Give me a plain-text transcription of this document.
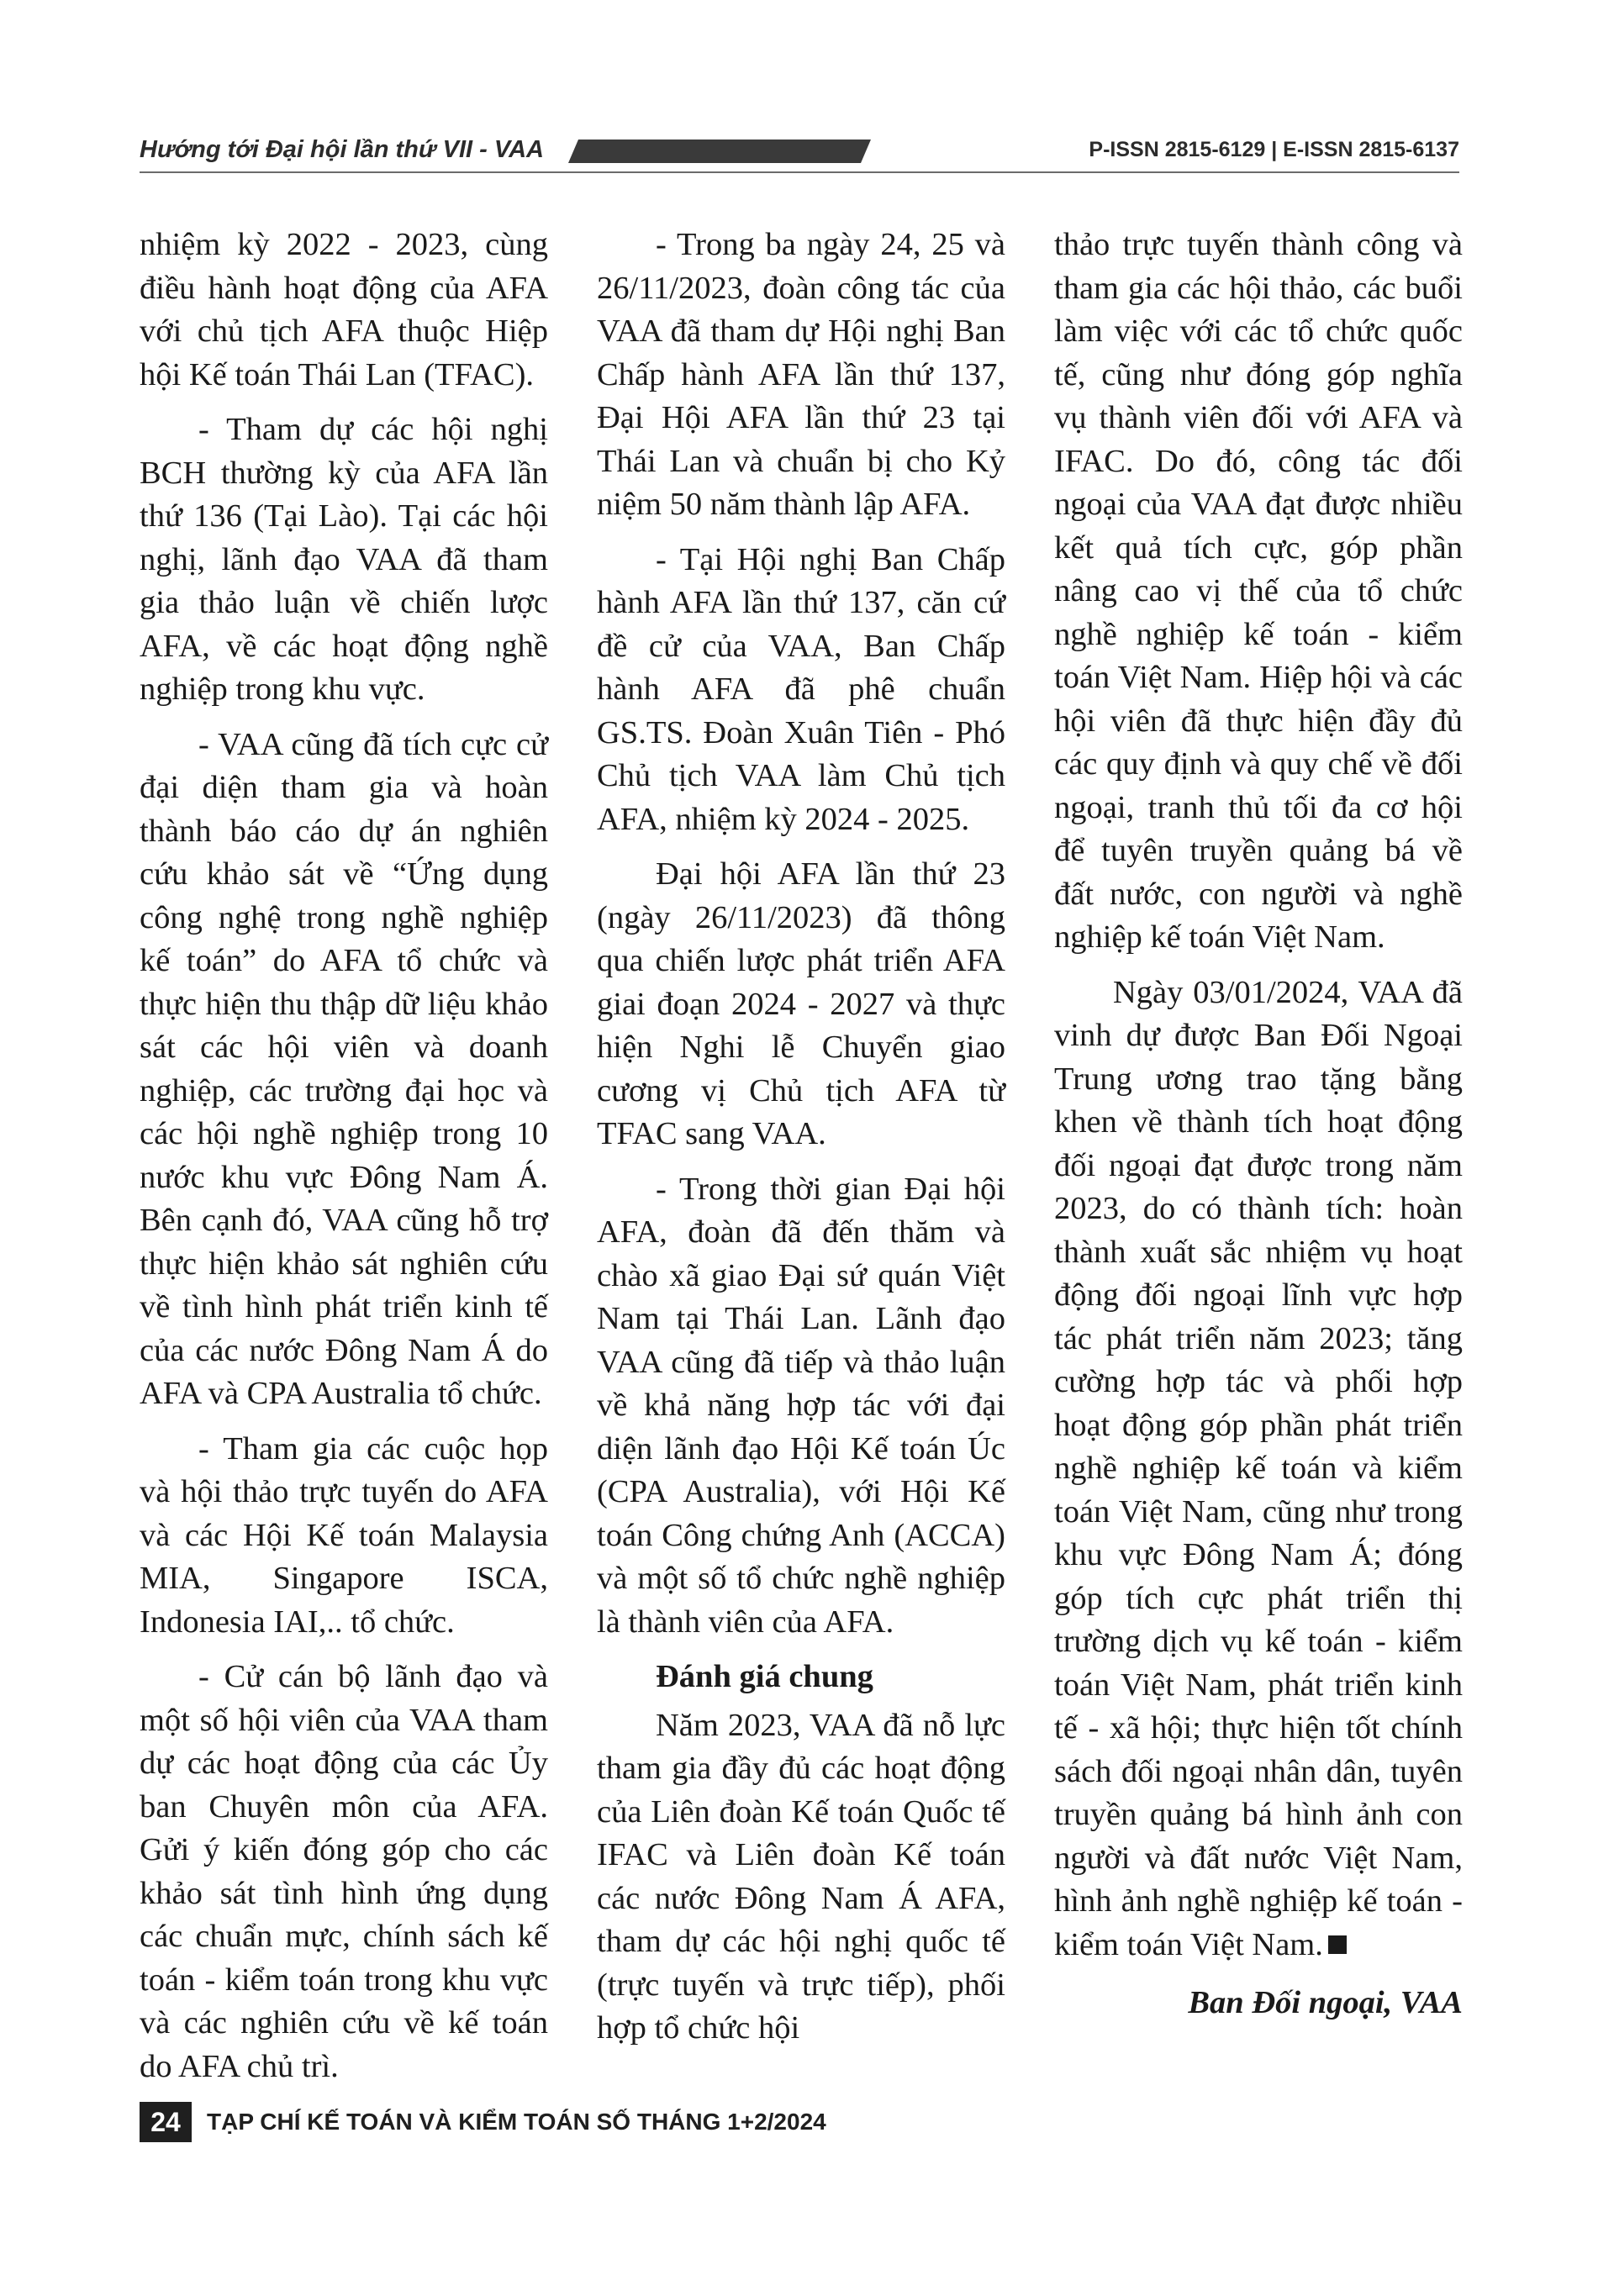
Hướng tới Đại hội lần thứ VII - VAA	P-ISSN 2815-6129 | E-ISSN 2815-6137

nhiệm kỳ 2022 - 2023, cùng điều hành hoạt động của AFA với chủ tịch AFA thuộc Hiệp hội Kế toán Thái Lan (TFAC).

- Tham dự các hội nghị BCH thường kỳ của AFA lần thứ 136 (Tại Lào). Tại các hội nghị, lãnh đạo VAA đã tham gia thảo luận về chiến lược AFA, về các hoạt động nghề nghiệp trong khu vực.

- VAA cũng đã tích cực cử đại diện tham gia và hoàn thành báo cáo dự án nghiên cứu khảo sát về “Ứng dụng công nghệ trong nghề nghiệp kế toán” do AFA tổ chức và thực hiện thu thập dữ liệu khảo sát các hội viên và doanh nghiệp, các trường đại học và các hội nghề nghiệp trong 10 nước khu vực Đông Nam Á. Bên cạnh đó, VAA cũng hỗ trợ thực hiện khảo sát nghiên cứu về tình hình phát triển kinh tế của các nước Đông Nam Á do AFA và CPA Australia tổ chức.

- Tham gia các cuộc họp và hội thảo trực tuyến do AFA và các Hội Kế toán Malaysia MIA, Singapore ISCA, Indonesia IAI,.. tổ chức.

- Cử cán bộ lãnh đạo và một số hội viên của VAA tham dự các hoạt động của các Ủy ban Chuyên môn của AFA. Gửi ý kiến đóng góp cho các khảo sát tình hình ứng dụng các chuẩn mực, chính sách kế toán - kiểm toán trong khu vực và các nghiên cứu về kế toán do AFA chủ trì.

- Trong ba ngày 24, 25 và 26/11/2023, đoàn công tác của VAA đã tham dự Hội nghị Ban Chấp hành AFA lần thứ 137, Đại Hội AFA lần thứ 23 tại Thái Lan và chuẩn bị cho Kỷ niệm 50 năm thành lập AFA.

- Tại Hội nghị Ban Chấp hành AFA lần thứ 137, căn cứ đề cử của VAA, Ban Chấp hành AFA đã phê chuẩn GS.TS. Đoàn Xuân Tiên - Phó Chủ tịch VAA làm Chủ tịch AFA, nhiệm kỳ 2024 - 2025.

Đại hội AFA lần thứ 23 (ngày 26/11/2023) đã thông qua chiến lược phát triển AFA giai đoạn 2024 - 2027 và thực hiện Nghi lễ Chuyển giao cương vị Chủ tịch AFA từ TFAC sang VAA.

- Trong thời gian Đại hội AFA, đoàn đã đến thăm và chào xã giao Đại sứ quán Việt Nam tại Thái Lan. Lãnh đạo VAA cũng đã tiếp và thảo luận về khả năng hợp tác với đại diện lãnh đạo Hội Kế toán Úc (CPA Australia), với Hội Kế toán Công chứng Anh (ACCA) và một số tổ chức nghề nghiệp là thành viên của AFA.

Đánh giá chung

Năm 2023, VAA đã nỗ lực tham gia đầy đủ các hoạt động của Liên đoàn Kế toán Quốc tế IFAC và Liên đoàn Kế toán các nước Đông Nam Á AFA, tham dự các hội nghị quốc tế (trực tuyến và trực tiếp), phối hợp tổ chức hội

thảo trực tuyến thành công và tham gia các hội thảo, các buổi làm việc với các tổ chức quốc tế, cũng như đóng góp nghĩa vụ thành viên đối với AFA và IFAC. Do đó, công tác đối ngoại của VAA đạt được nhiều kết quả tích cực, góp phần nâng cao vị thế của tổ chức nghề nghiệp kế toán - kiểm toán Việt Nam. Hiệp hội và các hội viên đã thực hiện đầy đủ các quy định và quy chế về đối ngoại, tranh thủ tối đa cơ hội để tuyên truyền quảng bá về đất nước, con người và nghề nghiệp kế toán Việt Nam.

Ngày 03/01/2024, VAA đã vinh dự được Ban Đối Ngoại Trung ương trao tặng bằng khen về thành tích hoạt động đối ngoại đạt được trong năm 2023, do có thành tích: hoàn thành xuất sắc nhiệm vụ hoạt động đối ngoại lĩnh vực hợp tác phát triển năm 2023; tăng cường hợp tác và phối hợp hoạt động góp phần phát triển nghề nghiệp kế toán và kiểm toán Việt Nam, cũng như trong khu vực Đông Nam Á; đóng góp tích cực phát triển thị trường dịch vụ kế toán - kiểm toán Việt Nam, phát triển kinh tế - xã hội; thực hiện tốt chính sách đối ngoại nhân dân, tuyên truyền quảng bá hình ảnh con người và đất nước Việt Nam, hình ảnh nghề nghiệp kế toán - kiểm toán Việt Nam.

Ban Đối ngoại, VAA

24	TẠP CHÍ KẾ TOÁN VÀ KIỂM TOÁN SỐ THÁNG 1+2/2024
